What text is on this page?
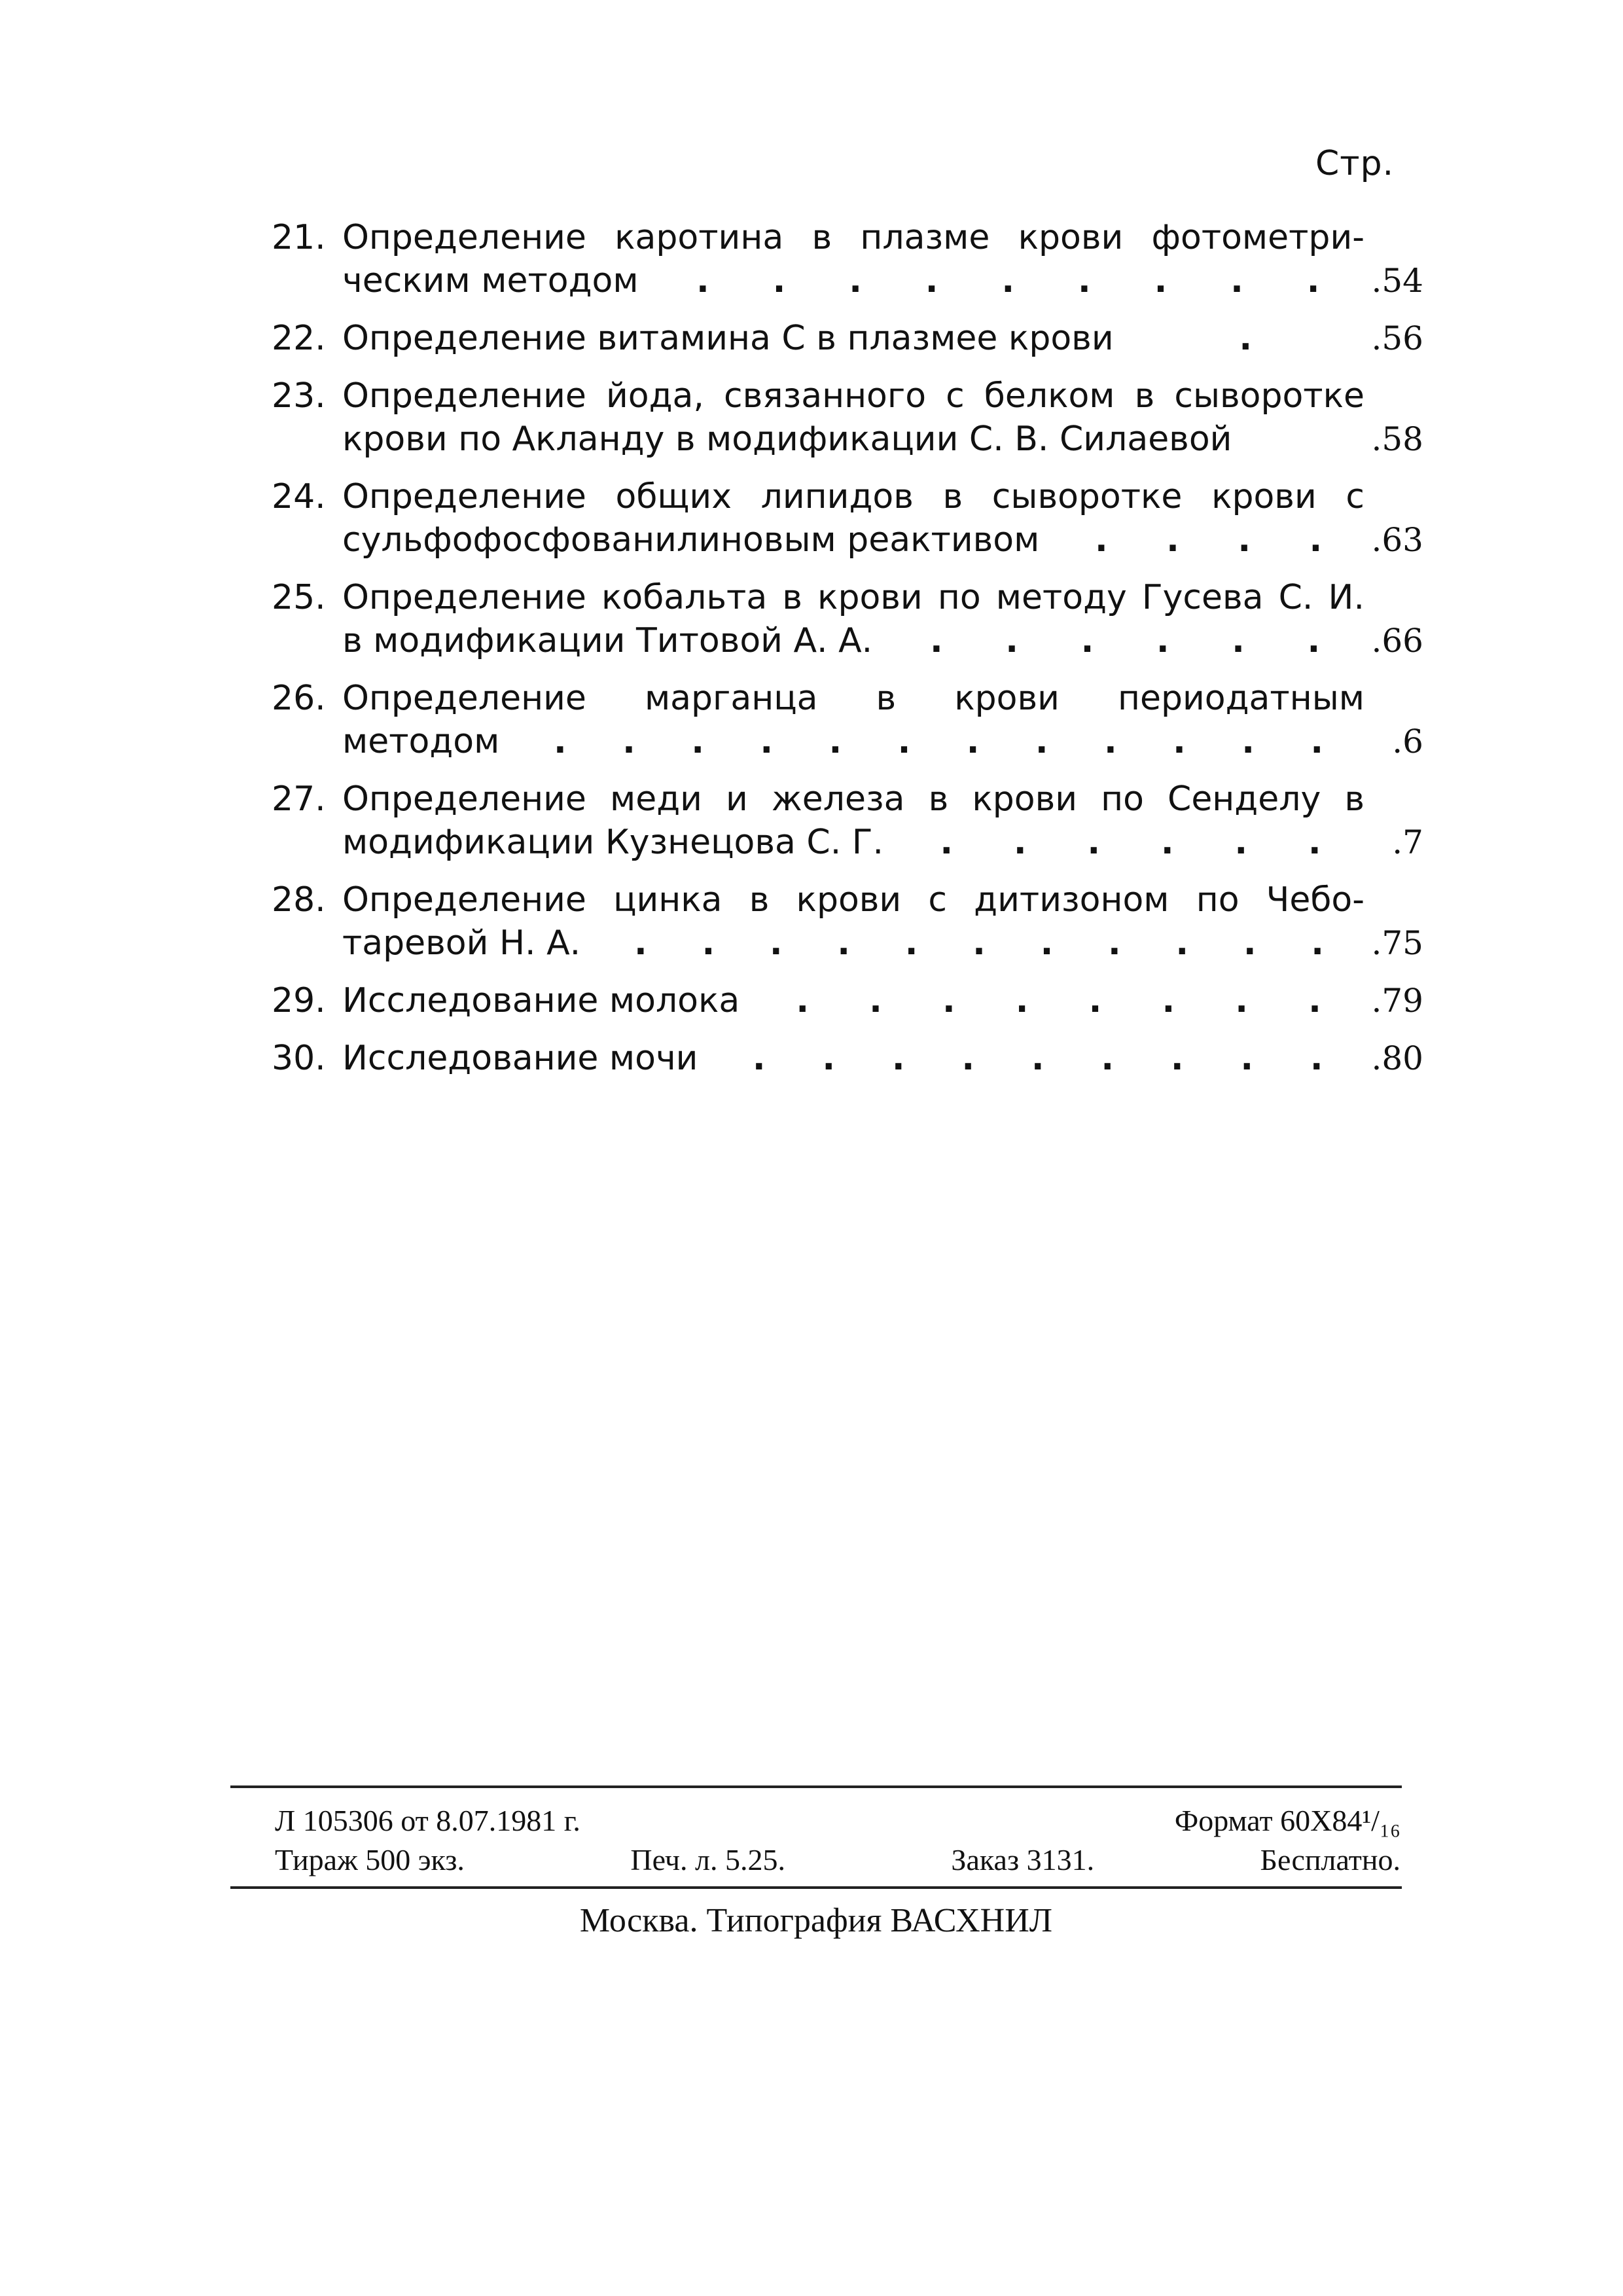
Стр.
21. Определение каротина в плазме крови фотометри-
ческим методом . . . . . . . . . .54
22. Определение витамина С в плазмее крови	.	.56
23. Определение йода, связанного с белком в сыворотке
крови по Акланду в модификации С. В. Силаевой	.58
24. Определение общих липидов в сыворотке крови с
сульфофосфованилиновым реактивом . . . . .63
25. Определение кобальта в крови по методу Гусева С. И.
в модификации Титовой А. А. . . . . . . .66
26. Определение марганца в крови периодатным
методом . . . . . . . . . . . . .6
27. Определение меди и железа в крови по Сенделу в
модификации Кузнецова С. Г. . . . . . . .7
28. Определение цинка в крови с дитизоном по Чебо-
таревой Н. А. . . . . . . . . . . . .75
29. Исследование молока . . . . . . . . .79
30. Исследование мочи . . . . . . . . . .80
Л 105306 от 8.07.1981 г.	Формат 60Х84¹/₁₆
Тираж 500 экз.	Печ. л. 5.25.	Заказ 3131.	Бесплатно.
Москва. Типография ВАСХНИЛ
